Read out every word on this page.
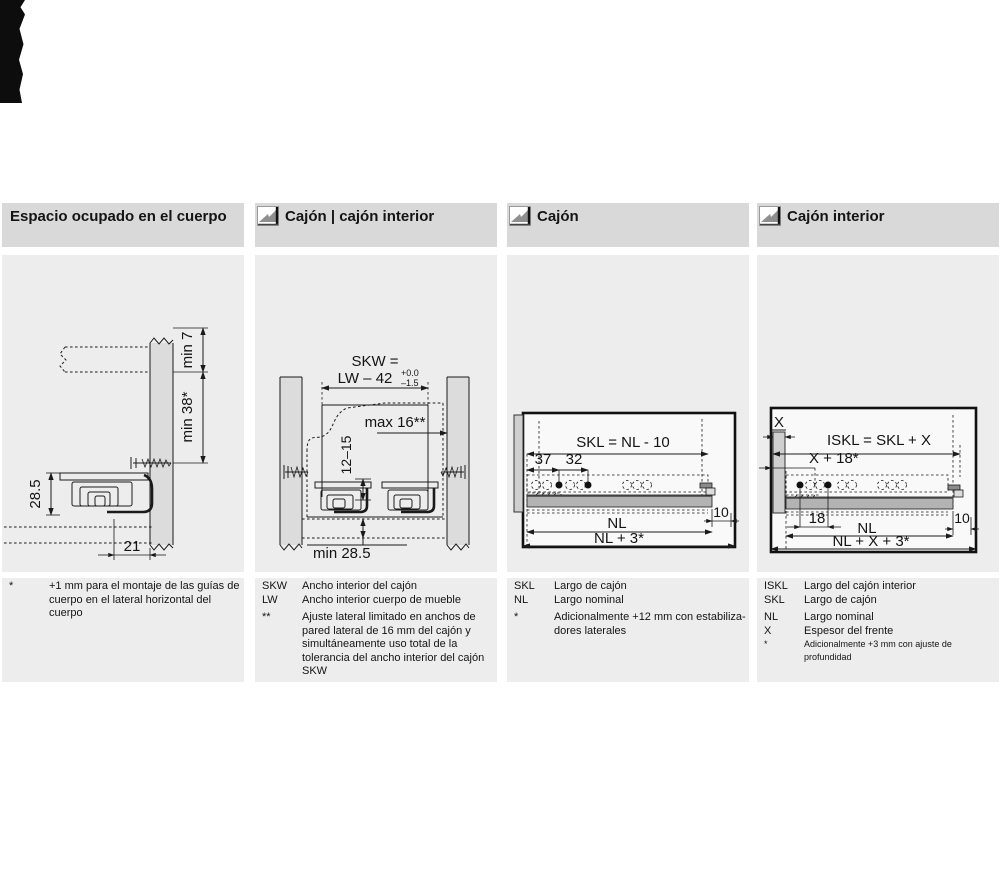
Espacio ocupado en el cuerpo
min 7
min 38*
28.5
21
*	+1 mm para el montaje de las guías de cuerpo en el lateral horizontal del cuerpo
Cajón | cajón interior
SKW =
LW – 42 +0.0
–1.5
max 16**
12–15
min 28.5
SKW	Ancho interior del cajón
LW	Ancho interior cuerpo de mueble
**	Ajuste lateral limitado en anchos de pared lateral de 16 mm del cajón y simultáneamente uso total de la tolerancia del ancho interior del cajón SKW
Cajón
SKL = NL - 10
37 32
10
NL
NL + 3*
SKL	Largo de cajón
NL	Largo nominal
*	Adicionalmente +12 mm con estabilizadores laterales
Cajón interior
X
ISKL = SKL + X
X + 18*
18	10
NL
NL + X + 3*
ISKL	Largo del cajón interior
SKL	Largo de cajón
NL	Largo nominal
X	Espesor del frente
*	Adicionalmente +3 mm con ajuste de profundidad
